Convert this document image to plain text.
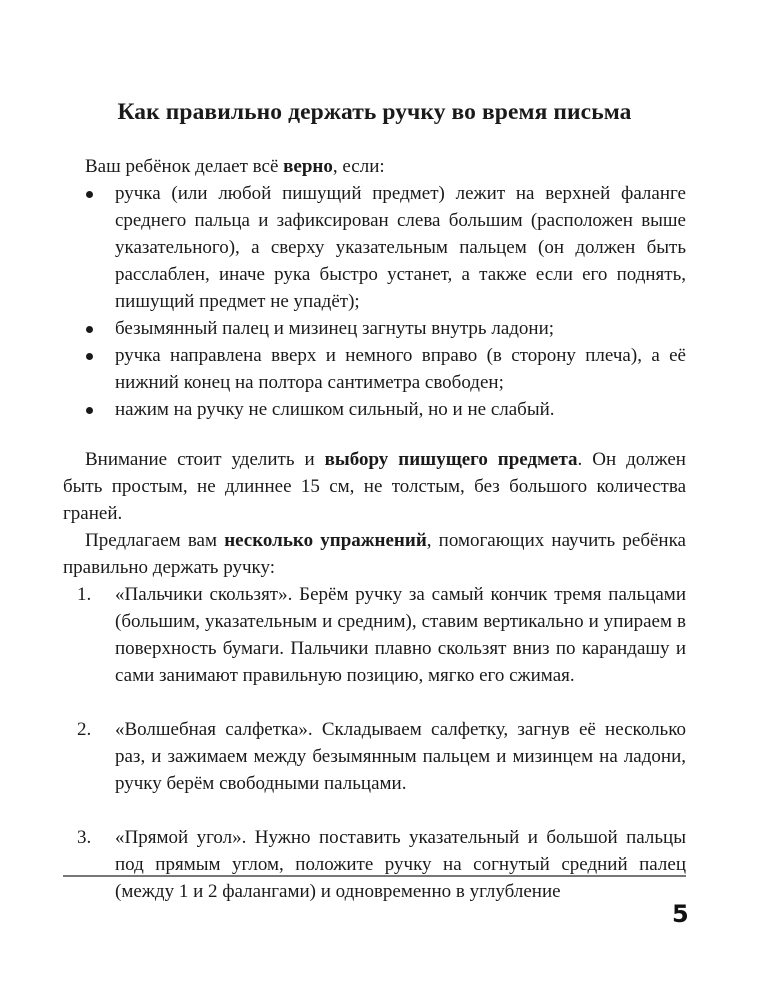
Как правильно держать ручку во время письма

Ваш ребёнок делает всё верно, если:

ручка (или любой пишущий предмет) лежит на верхней фаланге среднего пальца и зафиксирован слева большим (расположен выше указательного), а сверху указательным пальцем (он должен быть расслаблен, иначе рука быстро устанет, а также если его поднять, пишущий предмет не упадёт);
безымянный палец и мизинец загнуты внутрь ладони;
ручка направлена вверх и немного вправо (в сторону плеча), а её нижний конец на полтора сантиметра свободен;
нажим на ручку не слишком сильный, но и не слабый.

Внимание стоит уделить и выбору пишущего предмета. Он должен быть простым, не длиннее 15 см, не толстым, без большого количества граней.

Предлагаем вам несколько упражнений, помогающих научить ребёнка правильно держать ручку:

1. «Пальчики скользят». Берём ручку за самый кончик тремя пальцами (большим, указательным и средним), ставим вертикально и упираем в поверхность бумаги. Пальчики плавно скользят вниз по карандашу и сами занимают правильную позицию, мягко его сжимая.
2. «Волшебная салфетка». Складываем салфетку, загнув её несколько раз, и зажимаем между безымянным пальцем и мизинцем на ладони, ручку берём свободными пальцами.
3. «Прямой угол». Нужно поставить указательный и большой пальцы под прямым углом, положите ручку на согнутый средний палец (между 1 и 2 фалангами) и одновременно в углубление
5
